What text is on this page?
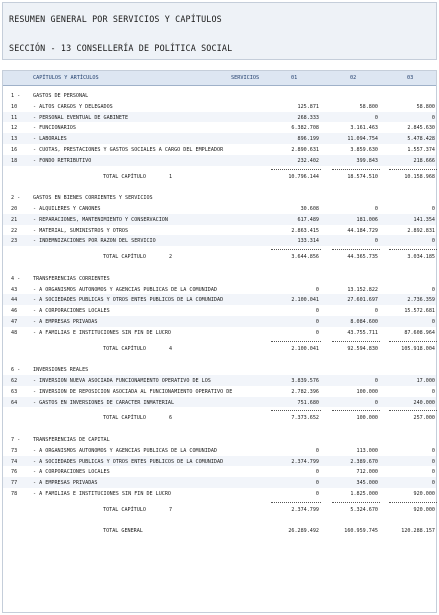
RESUMEN GENERAL POR SERVICIOS Y CAPÍTULOS
SECCIÓN - 13 CONSELLERÍA DE POLÍTICA SOCIAL
CAPÍTULOS Y ARTÍCULOS	SERVICIOS	01	02	03
1 -	GASTOS DE PERSONAL
10	- ALTOS CARGOS Y DELEGADOS	125.871	58.800	58.800
11	- PERSONAL EVENTUAL DE GABINETE	268.333	0	0
12	- FUNCIONARIOS	6.382.708	3.161.463	2.845.630
13	- LABORALES	896.199	11.094.754	5.478.428
16	- CUOTAS, PRESTACIONES Y GASTOS SOCIALES A CARGO DEL EMPLEADOR	2.890.631	3.859.630	1.557.374
18	- FONDO RETRIBUTIVO	232.402	399.843	218.666
TOTAL CAPÍTULO	1	10.796.144	18.574.510	10.158.968
2 -	GASTOS EN BIENES CORRIENTES Y SERVICIOS
20	- ALQUILERES Y CÁNONES	30.608	0	0
21	- REPARACIONES, MANTENIMIENTO Y CONSERVACIÓN	617.489	181.006	141.354
22	- MATERIAL, SUMINISTROS Y OTROS	2.863.415	44.184.729	2.892.831
23	- INDEMNIZACIONES POR RAZÓN DEL SERVICIO	133.314	0	0
TOTAL CAPÍTULO	2	3.644.856	44.365.735	3.034.185
4 -	TRANSFERENCIAS CORRIENTES
43	- A ORGANISMOS AUTÓNOMOS Y AGENCIAS PÚBLICAS DE LA COMUNIDAD	0	13.152.822	0
44	- A SOCIEDADES PÚBLICAS Y OTROS ENTES PÚBLICOS DE LA COMUNIDAD	2.100.041	27.601.697	2.736.359
46	- A CORPORACIONES LOCALES	0	0	15.572.681
47	- A EMPRESAS PRIVADAS	0	8.084.600	0
48	- A FAMILIAS E INSTITUCIONES SIN FIN DE LUCRO	0	43.755.711	87.608.964
TOTAL CAPÍTULO	4	2.100.041	92.594.830	105.918.004
6 -	INVERSIONES REALES
62	- INVERSIÓN NUEVA ASOCIADA FUNCIONAMIENTO OPERATIVO DE LOS	3.839.576	0	17.000
63	- INVERSIÓN DE REPOSICIÓN ASOCIADA AL FUNCIONAMIENTO OPERATIVO DE	2.782.396	100.000	0
64	- GASTOS EN INVERSIONES DE CARÁCTER INMATERIAL	751.680	0	240.000
TOTAL CAPÍTULO	6	7.373.652	100.000	257.000
7 -	TRANSFERENCIAS DE CAPITAL
73	- A ORGANISMOS AUTÓNOMOS Y AGENCIAS PÚBLICAS DE LA COMUNIDAD	0	113.000	0
74	- A SOCIEDADES PÚBLICAS Y OTROS ENTES PÚBLICOS DE LA COMUNIDAD	2.374.799	2.389.670	0
76	- A CORPORACIONES LOCALES	0	712.000	0
77	- A EMPRESAS PRIVADAS	0	345.000	0
78	- A FAMILIAS E INSTITUCIONES SIN FIN DE LUCRO	0	1.825.000	920.000
TOTAL CAPÍTULO	7	2.374.799	5.324.670	920.000
TOTAL GENERAL	26.289.492	160.959.745	120.288.157
